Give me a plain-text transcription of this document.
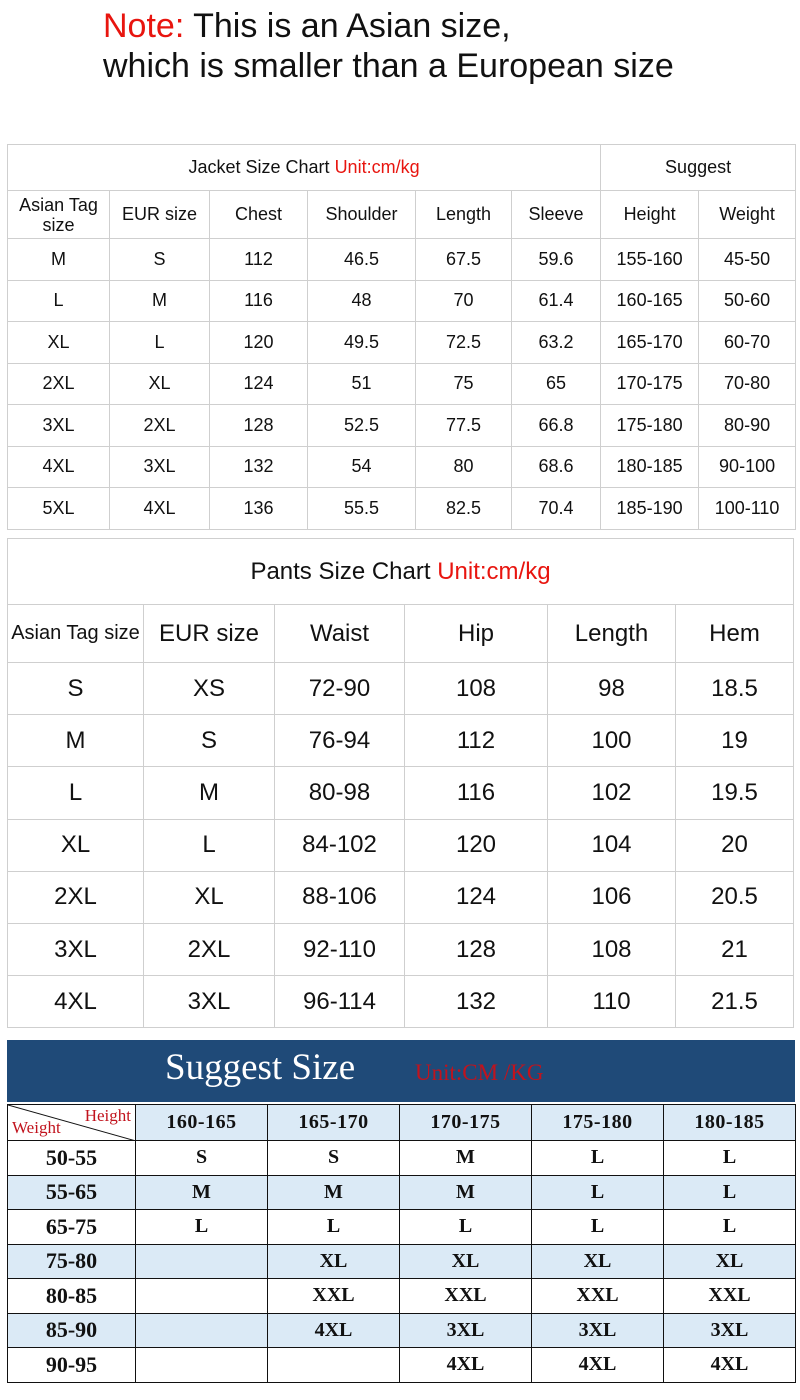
Note: This is an Asian size,
which is smaller than a European size
Jacket Size Chart Unit:cm/kg						Suggest	
Asian Tag size	EUR size	Chest	Shoulder	Length	Sleeve	Height	Weight
M	S	112	46.5	67.5	59.6	155-160	45-50
L	M	116	48	70	61.4	160-165	50-60
XL	L	120	49.5	72.5	63.2	165-170	60-70
2XL	XL	124	51	75	65	170-175	70-80
3XL	2XL	128	52.5	77.5	66.8	175-180	80-90
4XL	3XL	132	54	80	68.6	180-185	90-100
5XL	4XL	136	55.5	82.5	70.4	185-190	100-110
Pants Size Chart Unit:cm/kg					
Asian Tag size	EUR size	Waist	Hip	Length	Hem
S	XS	72-90	108	98	18.5
M	S	76-94	112	100	19
L	M	80-98	116	102	19.5
XL	L	84-102	120	104	20
2XL	XL	88-106	124	106	20.5
3XL	2XL	92-110	128	108	21
4XL	3XL	96-114	132	110	21.5
Suggest Size	Unit:CM /KG
Weight
Height	160-165	165-170	170-175	175-180	180-185
50-55	S	S	M	L	L
55-65	M	M	M	L	L
65-75	L	L	L	L	L
75-80		XL	XL	XL	XL
80-85		XXL	XXL	XXL	XXL
85-90		4XL	3XL	3XL	3XL
90-95			4XL	4XL	4XL
